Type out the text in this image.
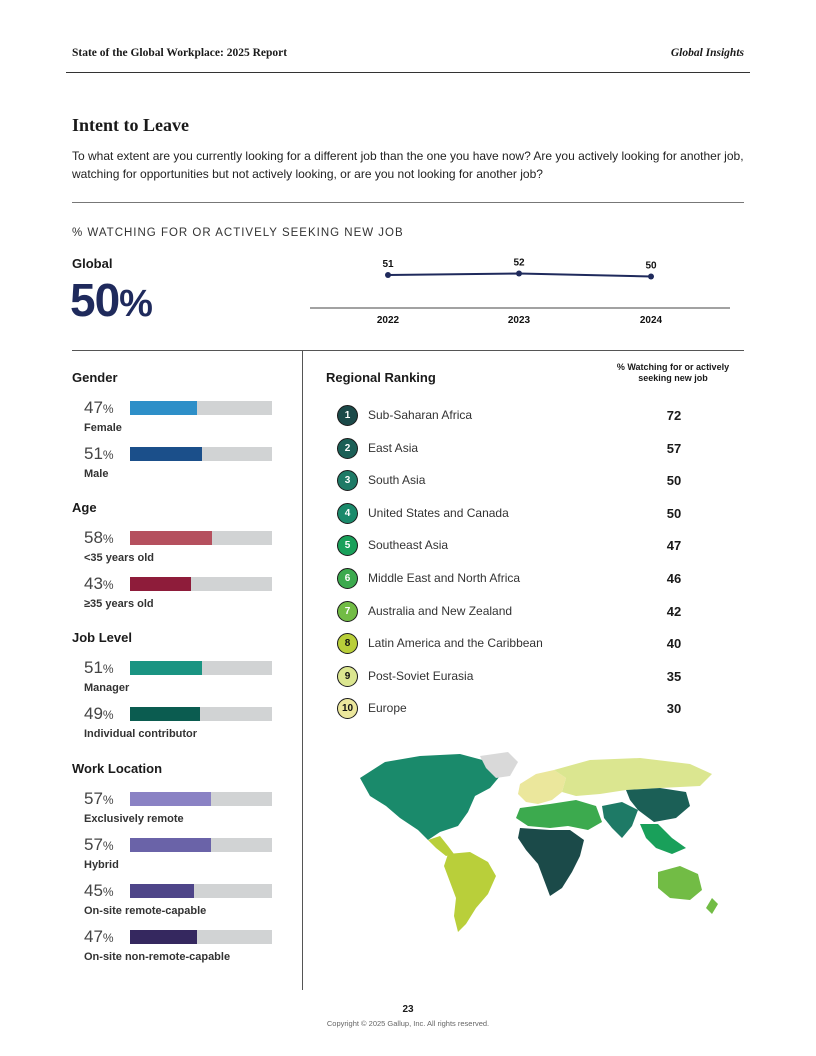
State of the Global Workplace: 2025 Report	Global Insights
Intent to Leave
To what extent are you currently looking for a different job than the one you have now? Are you actively looking for another job, watching for opportunities but not actively looking, or are you not looking for another job?
% WATCHING FOR OR ACTIVELY SEEKING NEW JOB
Global
50%
51
2022
52
2023
50
2024
Gender
47%
Female
51%
Male
Age
58%
<35 years old
43%
≥35 years old
Job Level
51%
Manager
49%
Individual contributor
Work Location
57%
Exclusively remote
57%
Hybrid
45%
On-site remote-capable
47%
On-site non-remote-capable
Regional Ranking
% Watching for or actively seeking new job
1	Sub-Saharan Africa	72
2	East Asia	57
3	South Asia	50
4	United States and Canada	50
5	Southeast Asia	47
6	Middle East and North Africa	46
7	Australia and New Zealand	42
8	Latin America and the Caribbean	40
9	Post-Soviet Eurasia	35
10	Europe	30
23
Copyright © 2025 Gallup, Inc. All rights reserved.
